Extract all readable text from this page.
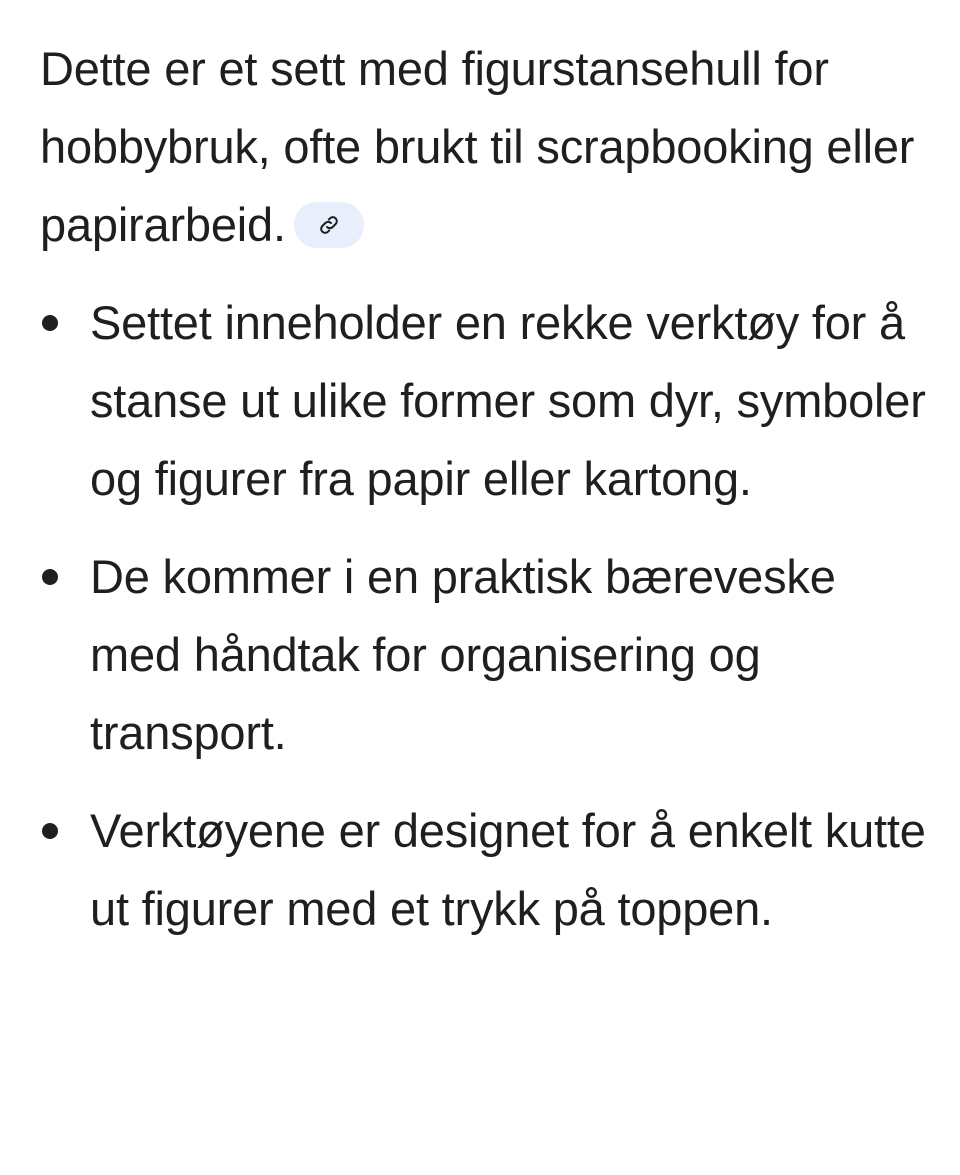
Dette er et sett med figurstansehull for hobbybruk, ofte brukt til scrapbooking eller papirarbeid.

Settet inneholder en rekke verktøy for å stanse ut ulike former som dyr, symboler og figurer fra papir eller kartong.
De kommer i en praktisk bæreveske med håndtak for organisering og transport.
Verktøyene er designet for å enkelt kutte ut figurer med et trykk på toppen.
